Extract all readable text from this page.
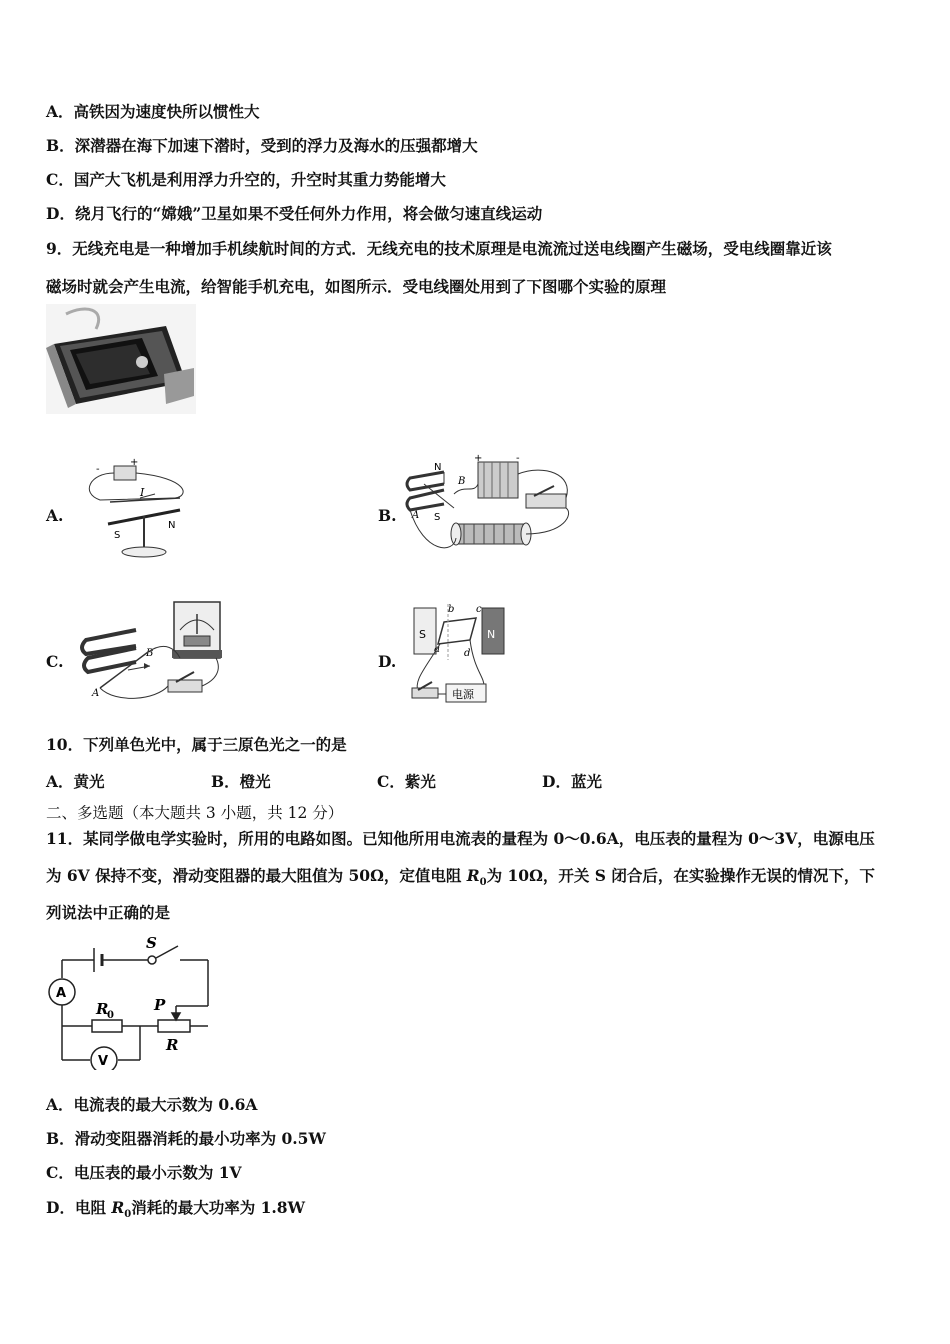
A．高铁因为速度快所以惯性大
B．深潜器在海下加速下潜时，受到的浮力及海水的压强都增大
C．国产大飞机是利用浮力升空的，升空时其重力势能增大
D．绕月飞行的“嫦娥”卫星如果不受任何外力作用，将会做匀速直线运动
9．无线充电是一种增加手机续航时间的方式．无线充电的技术原理是电流流过送电线圈产生磁场，受电线圈靠近该
磁场时就会产生电流，给智能手机充电，如图所示．受电线圈处用到了下图哪个实验的原理
A.
-
+
I
S
N
B.
N
B
A S
+	-
C.	B
A
D.
S	N
b c
a d
电源
10．下列单色光中，属于三原色光之一的是
A．黄光	B．橙光	C．紫光	D．蓝光
二、多选题（本大题共 3 小题，共 12 分）
11．某同学做电学实验时，所用的电路如图。已知他所用电流表的量程为 0～0.6A，电压表的量程为 0～3V，电源电压
为 6V 保持不变，滑动变阻器的最大阻值为 50Ω，定值电阻 $R_0$为 10Ω，开关 S 闭合后，在实验操作无误的情况下，下
列说法中正确的是
S
A
R
0
P
R
V
A．电流表的最大示数为 0.6A
B．滑动变阻器消耗的最小功率为 0.5W
C．电压表的最小示数为 1V
D．电阻 $R_0$消耗的最大功率为 1.8W
